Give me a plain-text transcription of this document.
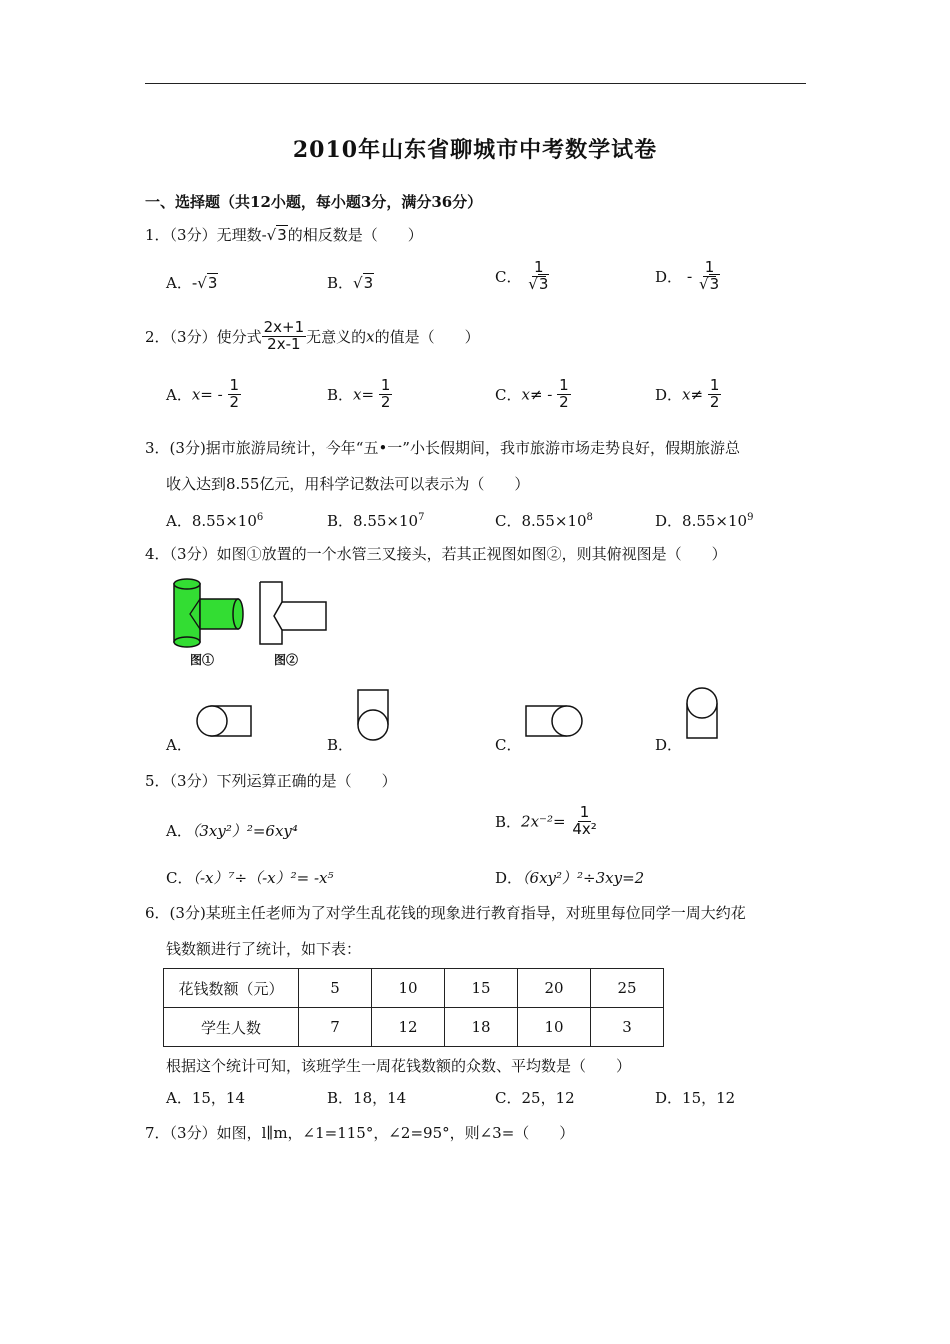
2010年山东省聊城市中考数学试卷
一、选择题（共12小题，每小题3分，满分36分）
1．（3分）无理数-√3的相反数是（　　）
A．-√3	B．√3	C． $\frac{1}{√3}$	D． - $\frac{1}{√3}$
2．（3分）使分式 $\frac{2x+1}{2x-1}$ 无意义的x的值是（　　）
A．$x= - \frac{1}{2}$	B．$x= \frac{1}{2}$	C．$x\ne - \frac{1}{2}$	D．$x\ne \frac{1}{2}$
3．(3分)据市旅游局统计，今年“五•一”小长假期间，我市旅游市场走势良好，假期旅游总
收入达到8.55亿元，用科学记数法可以表示为（　　）
A．$8.55\times 10^6$	B．$8.55\times 10^7$	C．$8.55\times 10^8$	D．$8.55\times 10^9$
4．（3分）如图①放置的一个水管三叉接头，若其正视图如图②，则其俯视图是（　　）
图①	图②
A．	B．	C．	D．
5．（3分）下列运算正确的是（　　）
A．（3xy²）²=6xy⁴
B．$2x^{-2}= \frac{1}{\text{4x²}}$
C．（-x）⁷÷（-x）²= -x⁵	D．（6xy²）²÷3xy=2
6．(3分)某班主任老师为了对学生乱花钱的现象进行教育指导，对班里每位同学一周大约花
钱数额进行了统计，如下表：
花钱数额（元）	5	10	15	20	25
学生人数	7	12	18	10	3
根据这个统计可知，该班学生一周花钱数额的众数、平均数是（　　）
A．15，14	B．18，14	C．25，12	D．15，12
7．（3分）如图，l∥m，∠1=115°，∠2=95°，则∠3=（　　）
